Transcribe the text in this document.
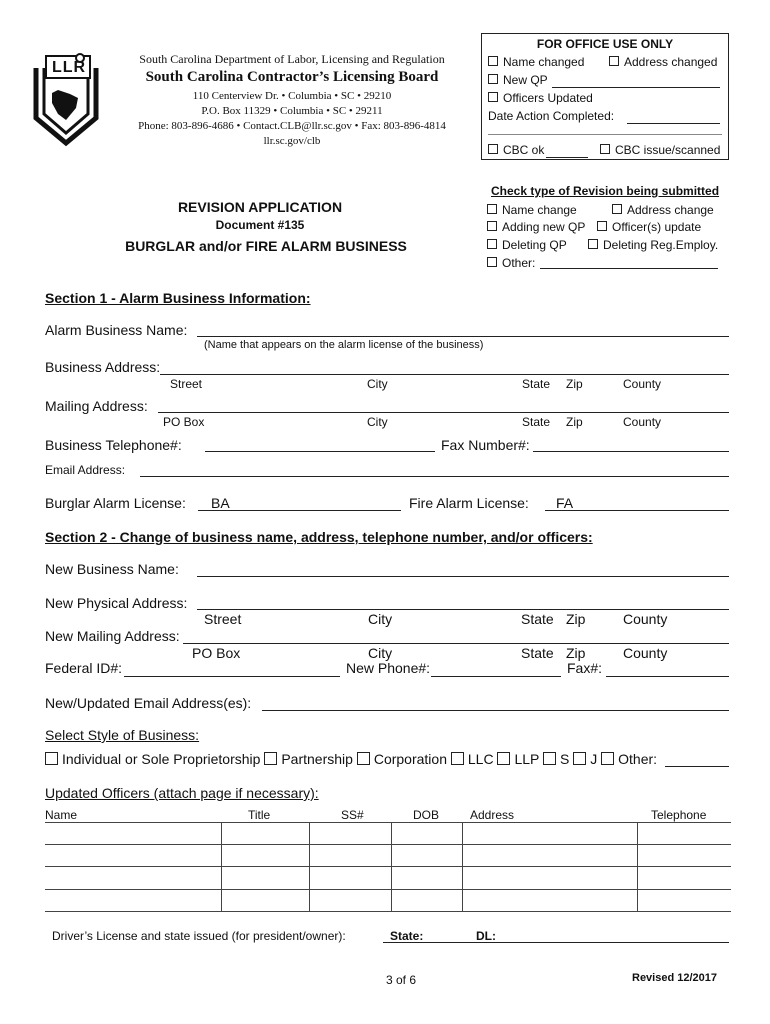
LLR	South Carolina Department of Labor, Licensing and Regulation
South Carolina Contractor’s Licensing Board
110 Centerview Dr. • Columbia • SC • 29210
P.O. Box 11329 • Columbia • SC • 29211
Phone: 803-896-4686 • Contact.CLB@llr.sc.gov • Fax: 803-896-4814
llr.sc.gov/clb
FOR OFFICE USE ONLY
Name changed	Address changed
New QP
Officers Updated
Date Action Completed:
CBC ok	CBC issue/scanned
REVISION APPLICATION
Document #135
BURGLAR and/or FIRE ALARM BUSINESS
Check type of Revision being submitted
Name change	Address change
Adding new QP	Officer(s) update
Deleting QP	Deleting Reg.Employ.
Other:
Section 1 - Alarm Business Information:
Alarm Business Name:
(Name that appears on the alarm license of the business)
Business Address:
Street	City	State Zip	County
Mailing Address:
PO Box	City	State Zip	County
Business Telephone#:	Fax Number#:
Email Address:
Burglar Alarm License: BA	Fire Alarm License: FA
Section 2 - Change of business name, address, telephone number, and/or officers:
New Business Name:
New Physical Address:
Street	City	State Zip	County
New Mailing Address:
PO Box	City	State Zip	County
Federal ID#:	New Phone#:	Fax#:
New/Updated Email Address(es):
Select Style of Business:
Individual or Sole Proprietorship Partnership Corporation LLC LLP S J Other:
Updated Officers (attach page if necessary):
Name	Title	SS#	DOB	Address	Telephone
Driver’s License and state issued (for president/owner):	State:	DL:
3 of 6	Revised 12/2017
